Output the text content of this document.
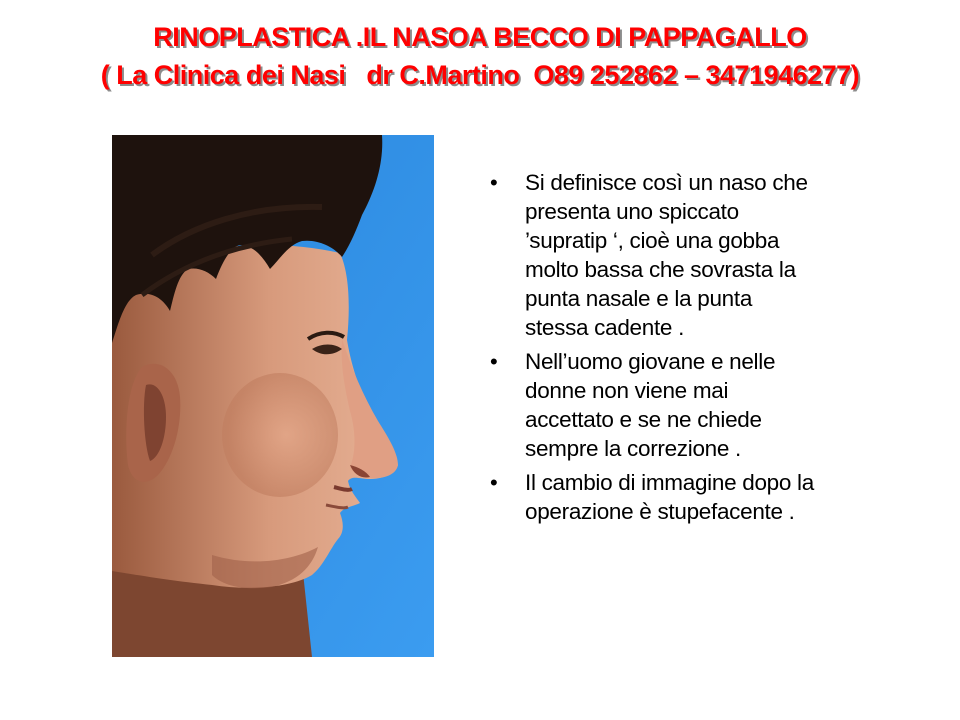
RINOPLASTICA .IL NASOA BECCO DI PAPPAGALLO
( La Clinica dei Nasi   dr C.Martino  O89 252862 – 3471946277)
• Si definisce così un naso che
presenta uno spiccato
’supratip ‘, cioè una gobba
molto bassa che sovrasta la
punta nasale e la punta
stessa cadente .
• Nell’uomo giovane e nelle
donne non viene mai
accettato e se ne chiede
sempre la correzione .
• Il cambio di immagine dopo la
operazione è stupefacente .
